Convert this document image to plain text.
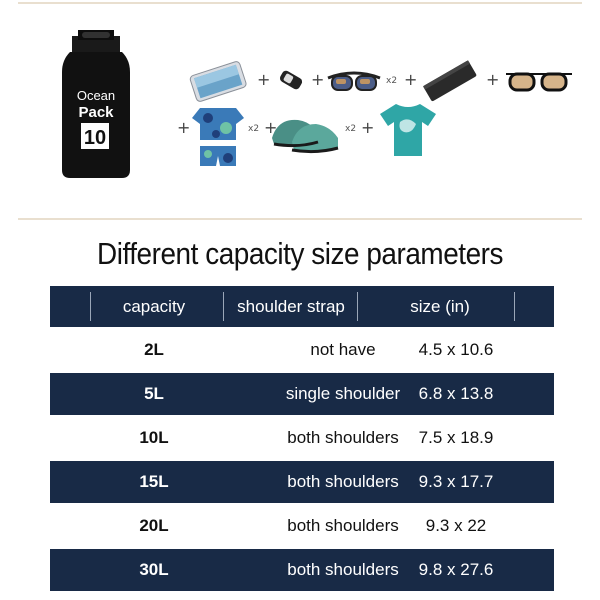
Ocean
Pack
10
+	+	x2 +	+
+	x2 +	x2 +
Different capacity size parameters
capacity	shoulder strap	size (in)
2L	not have	4.5 x 10.6
5L	single shoulder	6.8 x 13.8
10L	both shoulders	7.5 x 18.9
15L	both shoulders	9.3 x 17.7
20L	both shoulders	9.3 x 22
30L	both shoulders	9.8 x 27.6
